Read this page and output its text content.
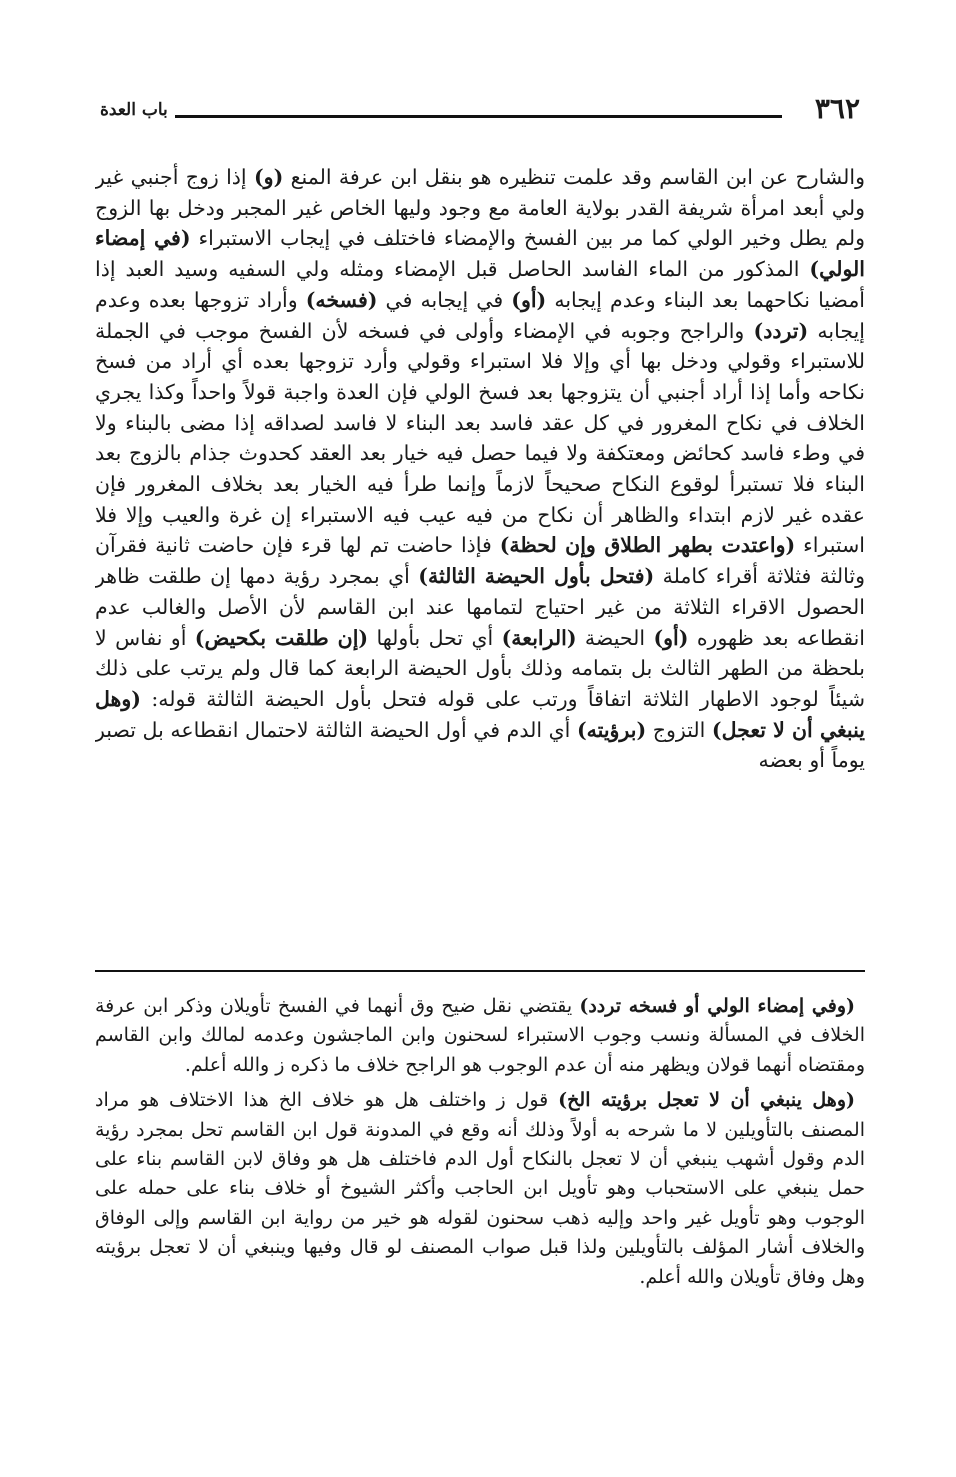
٣٦٢
باب العدة
والشارح عن ابن القاسم وقد علمت تنظيره هو بنقل ابن عرفة المنع (و) إذا زوج أجنبي غير ولي أبعد امرأة شريفة القدر بولاية العامة مع وجود وليها الخاص غير المجبر ودخل بها الزوج ولم يطل وخير الولي كما مر بين الفسخ والإمضاء فاختلف في إيجاب الاستبراء (في إمضاء الولي) المذكور من الماء الفاسد الحاصل قبل الإمضاء ومثله ولي السفيه وسيد العبد إذا أمضيا نكاحهما بعد البناء وعدم إيجابه (أو) في إيجابه في (فسخه) وأراد تزوجها بعده وعدم إيجابه (تردد) والراجح وجوبه في الإمضاء وأولى في فسخه لأن الفسخ موجب في الجملة للاستبراء وقولي ودخل بها أي وإلا فلا استبراء وقولي وأرد تزوجها بعده أي أراد من فسخ نكاحه وأما إذا أراد أجنبي أن يتزوجها بعد فسخ الولي فإن العدة واجبة قولاً واحداً وكذا يجري الخلاف في نكاح المغرور في كل عقد فاسد بعد البناء لا فاسد لصداقه إذا مضى بالبناء ولا في وطء فاسد كحائض ومعتكفة ولا فيما حصل فيه خيار بعد العقد كحدوث جذام بالزوج بعد البناء فلا تستبرأ لوقوع النكاح صحيحاً لازماً وإنما طرأ فيه الخيار بعد بخلاف المغرور فإن عقده غير لازم ابتداء والظاهر أن نكاح من فيه عيب فيه الاستبراء إن غرة والعيب وإلا فلا استبراء (واعتدت بطهر الطلاق وإن لحظة) فإذا حاضت تم لها قرء فإن حاضت ثانية فقرآن وثالثة فثلاثة أقراء كاملة (فتحل بأول الحيضة الثالثة) أي بمجرد رؤية دمها إن طلقت ظاهر الحصول الاقراء الثلاثة من غير احتياج لتمامها عند ابن القاسم لأن الأصل والغالب عدم انقطاعه بعد ظهوره (أو) الحيضة (الرابعة) أي تحل بأولها (إن طلقت بكحيض) أو نفاس لا بلحظة من الطهر الثالث بل بتمامه وذلك بأول الحيضة الرابعة كما قال ولم يرتب على ذلك شيئاً لوجود الاطهار الثلاثة اتفاقاً ورتب على قوله فتحل بأول الحيضة الثالثة قوله: (وهل ينبغي أن لا تعجل) التزوج (برؤيته) أي الدم في أول الحيضة الثالثة لاحتمال انقطاعه بل تصبر يوماً أو بعضه

(وفي إمضاء الولي أو فسخه تردد) يقتضي نقل ضيح وق أنهما في الفسخ تأويلان وذكر ابن عرفة الخلاف في المسألة ونسب وجوب الاستبراء لسحنون وابن الماجشون وعدمه لمالك وابن القاسم ومقتضاه أنهما قولان ويظهر منه أن عدم الوجوب هو الراجح خلاف ما ذكره ز والله أعلم.

(وهل ينبغي أن لا تعجل برؤيته الخ) قول ز واختلف هل هو خلاف الخ هذا الاختلاف هو مراد المصنف بالتأويلين لا ما شرحه به أولاً وذلك أنه وقع في المدونة قول ابن القاسم تحل بمجرد رؤية الدم وقول أشهب ينبغي أن لا تعجل بالنكاح أول الدم فاختلف هل هو وفاق لابن القاسم بناء على حمل ينبغي على الاستحباب وهو تأويل ابن الحاجب وأكثر الشيوخ أو خلاف بناء على حمله على الوجوب وهو تأويل غير واحد وإليه ذهب سحنون لقوله هو خير من رواية ابن القاسم وإلى الوفاق والخلاف أشار المؤلف بالتأويلين ولذا قبل صواب المصنف لو قال وفيها وينبغي أن لا تعجل برؤيته وهل وفاق تأويلان والله أعلم.
